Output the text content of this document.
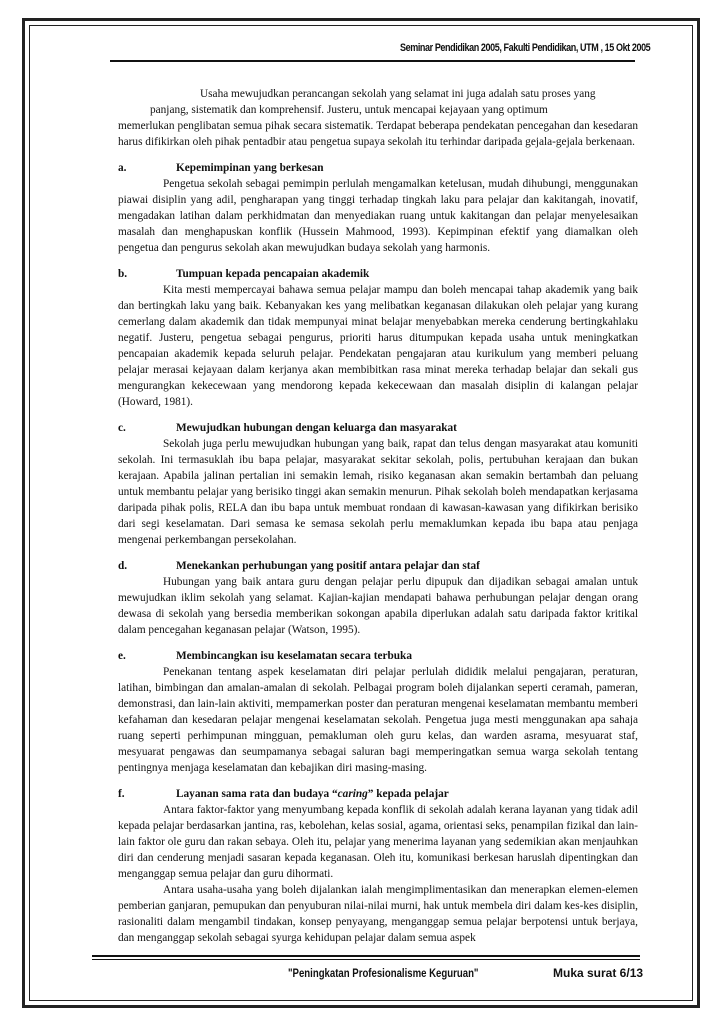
Seminar Pendidikan 2005, Fakulti Pendidikan, UTM , 15 Okt 2005

Usaha mewujudkan perancangan sekolah yang selamat ini juga adalah satu proses yang

panjang, sistematik dan komprehensif. Justeru, untuk mencapai kejayaan yang optimum

memerlukan penglibatan semua pihak secara sistematik. Terdapat beberapa pendekatan pencegahan dan kesedaran harus difikirkan oleh pihak pentadbir atau pengetua supaya sekolah itu terhindar daripada gejala-gejala berkenaan.

a.	Kepemimpinan yang berkesan

Pengetua sekolah sebagai pemimpin perlulah mengamalkan ketelusan, mudah dihubungi, menggunakan piawai disiplin yang adil, pengharapan yang tinggi terhadap tingkah laku para pelajar dan kakitangah, inovatif, mengadakan latihan dalam perkhidmatan dan menyediakan ruang untuk kakitangan dan pelajar menyelesaikan masalah dan menghapuskan konflik (Hussein Mahmood, 1993). Kepimpinan efektif yang diamalkan oleh pengetua dan pengurus sekolah akan mewujudkan budaya sekolah yang harmonis.

b.	Tumpuan kepada pencapaian akademik

Kita mesti mempercayai bahawa semua pelajar mampu dan boleh mencapai tahap akademik yang baik dan bertingkah laku yang baik. Kebanyakan kes yang melibatkan keganasan dilakukan oleh pelajar yang kurang cemerlang dalam akademik dan tidak mempunyai minat belajar menyebabkan mereka cenderung bertingkahlaku negatif. Justeru, pengetua sebagai pengurus, prioriti harus ditumpukan kepada usaha untuk meningkatkan pencapaian akademik kepada seluruh pelajar. Pendekatan pengajaran atau kurikulum yang memberi peluang pelajar merasai kejayaan dalam kerjanya akan membibitkan rasa minat mereka terhadap belajar dan sekali gus mengurangkan kekecewaan yang mendorong kepada kekecewaan dan masalah disiplin di kalangan pelajar (Howard, 1981).

c.	Mewujudkan hubungan dengan keluarga dan masyarakat

Sekolah juga perlu mewujudkan hubungan yang baik, rapat dan telus dengan masyarakat atau komuniti sekolah. Ini termasuklah ibu bapa pelajar, masyarakat sekitar sekolah, polis, pertubuhan kerajaan dan bukan kerajaan. Apabila jalinan pertalian ini semakin lemah, risiko keganasan akan semakin bertambah dan peluang untuk membantu pelajar yang berisiko tinggi akan semakin menurun. Pihak sekolah boleh mendapatkan kerjasama daripada pihak polis, RELA dan ibu bapa untuk membuat rondaan di kawasan-kawasan yang difikirkan berisiko dari segi keselamatan. Dari semasa ke semasa sekolah perlu memaklumkan kepada ibu bapa atau penjaga mengenai perkembangan persekolahan.

d.	Menekankan perhubungan yang positif antara pelajar dan staf

Hubungan yang baik antara guru dengan pelajar perlu dipupuk dan dijadikan sebagai amalan untuk mewujudkan iklim sekolah yang selamat. Kajian-kajian mendapati bahawa perhubungan pelajar dengan orang dewasa di sekolah yang bersedia memberikan sokongan apabila diperlukan adalah satu daripada faktor kritikal dalam pencegahan keganasan pelajar (Watson, 1995).

e.	Membincangkan isu keselamatan secara terbuka

Penekanan tentang aspek keselamatan diri pelajar perlulah dididik melalui pengajaran, peraturan, latihan, bimbingan dan amalan-amalan di sekolah. Pelbagai program boleh dijalankan seperti ceramah, pameran, demonstrasi, dan lain-lain aktiviti, mempamerkan poster dan peraturan mengenai keselamatan membantu memberi kefahaman dan kesedaran pelajar mengenai keselamatan sekolah. Pengetua juga mesti menggunakan apa sahaja ruang seperti perhimpunan mingguan, pemakluman oleh guru kelas, dan warden asrama, mesyuarat staf, mesyuarat pengawas dan seumpamanya sebagai saluran bagi memperingatkan semua warga sekolah tentang pentingnya menjaga keselamatan dan kebajikan diri masing-masing.

f.	Layanan sama rata dan budaya “caring” kepada pelajar

Antara faktor-faktor yang menyumbang kepada konflik di sekolah adalah kerana layanan yang tidak adil kepada pelajar berdasarkan jantina, ras, kebolehan, kelas sosial, agama, orientasi seks, penampilan fizikal dan lain-lain faktor ole guru dan rakan sebaya. Oleh itu, pelajar yang menerima layanan yang sedemikian akan menjauhkan diri dan cenderung menjadi sasaran kepada keganasan. Oleh itu, komunikasi berkesan haruslah dipentingkan dan menganggap semua pelajar dan guru dihormati.

Antara usaha-usaha yang boleh dijalankan ialah mengimplimentasikan dan menerapkan elemen-elemen pemberian ganjaran, pemupukan dan penyuburan nilai-nilai murni, hak untuk membela diri dalam kes-kes disiplin, rasionaliti dalam mengambil tindakan, konsep penyayang, menganggap semua pelajar berpotensi untuk berjaya, dan menganggap sekolah sebagai syurga kehidupan pelajar dalam semua aspek

"Peningkatan Profesionalisme Keguruan"	Muka surat 6/13
